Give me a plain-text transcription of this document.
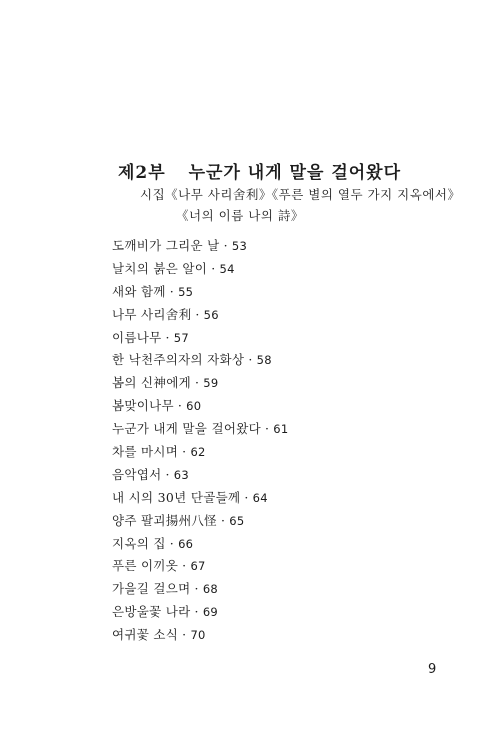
제2부 누군가 내게 말을 걸어왔다
시집《나무 사리舍利》《푸른 별의 열두 가지 지옥에서》
《너의 이름 나의 詩》
도깨비가 그리운 날 · 53
날치의 붉은 알이 · 54
새와 함께 · 55
나무 사리舍利 · 56
이름나무 · 57
한 낙천주의자의 자화상 · 58
봄의 신神에게 · 59
봄맞이나무 · 60
누군가 내게 말을 걸어왔다 · 61
차를 마시며 · 62
음악엽서 · 63
내 시의 30년 단골들께 · 64
양주 팔괴揚州八怪 · 65
지옥의 집 · 66
푸른 이끼옷 · 67
가을길 걸으며 · 68
은방울꽃 나라 · 69
여귀꽃 소식 · 70
9
